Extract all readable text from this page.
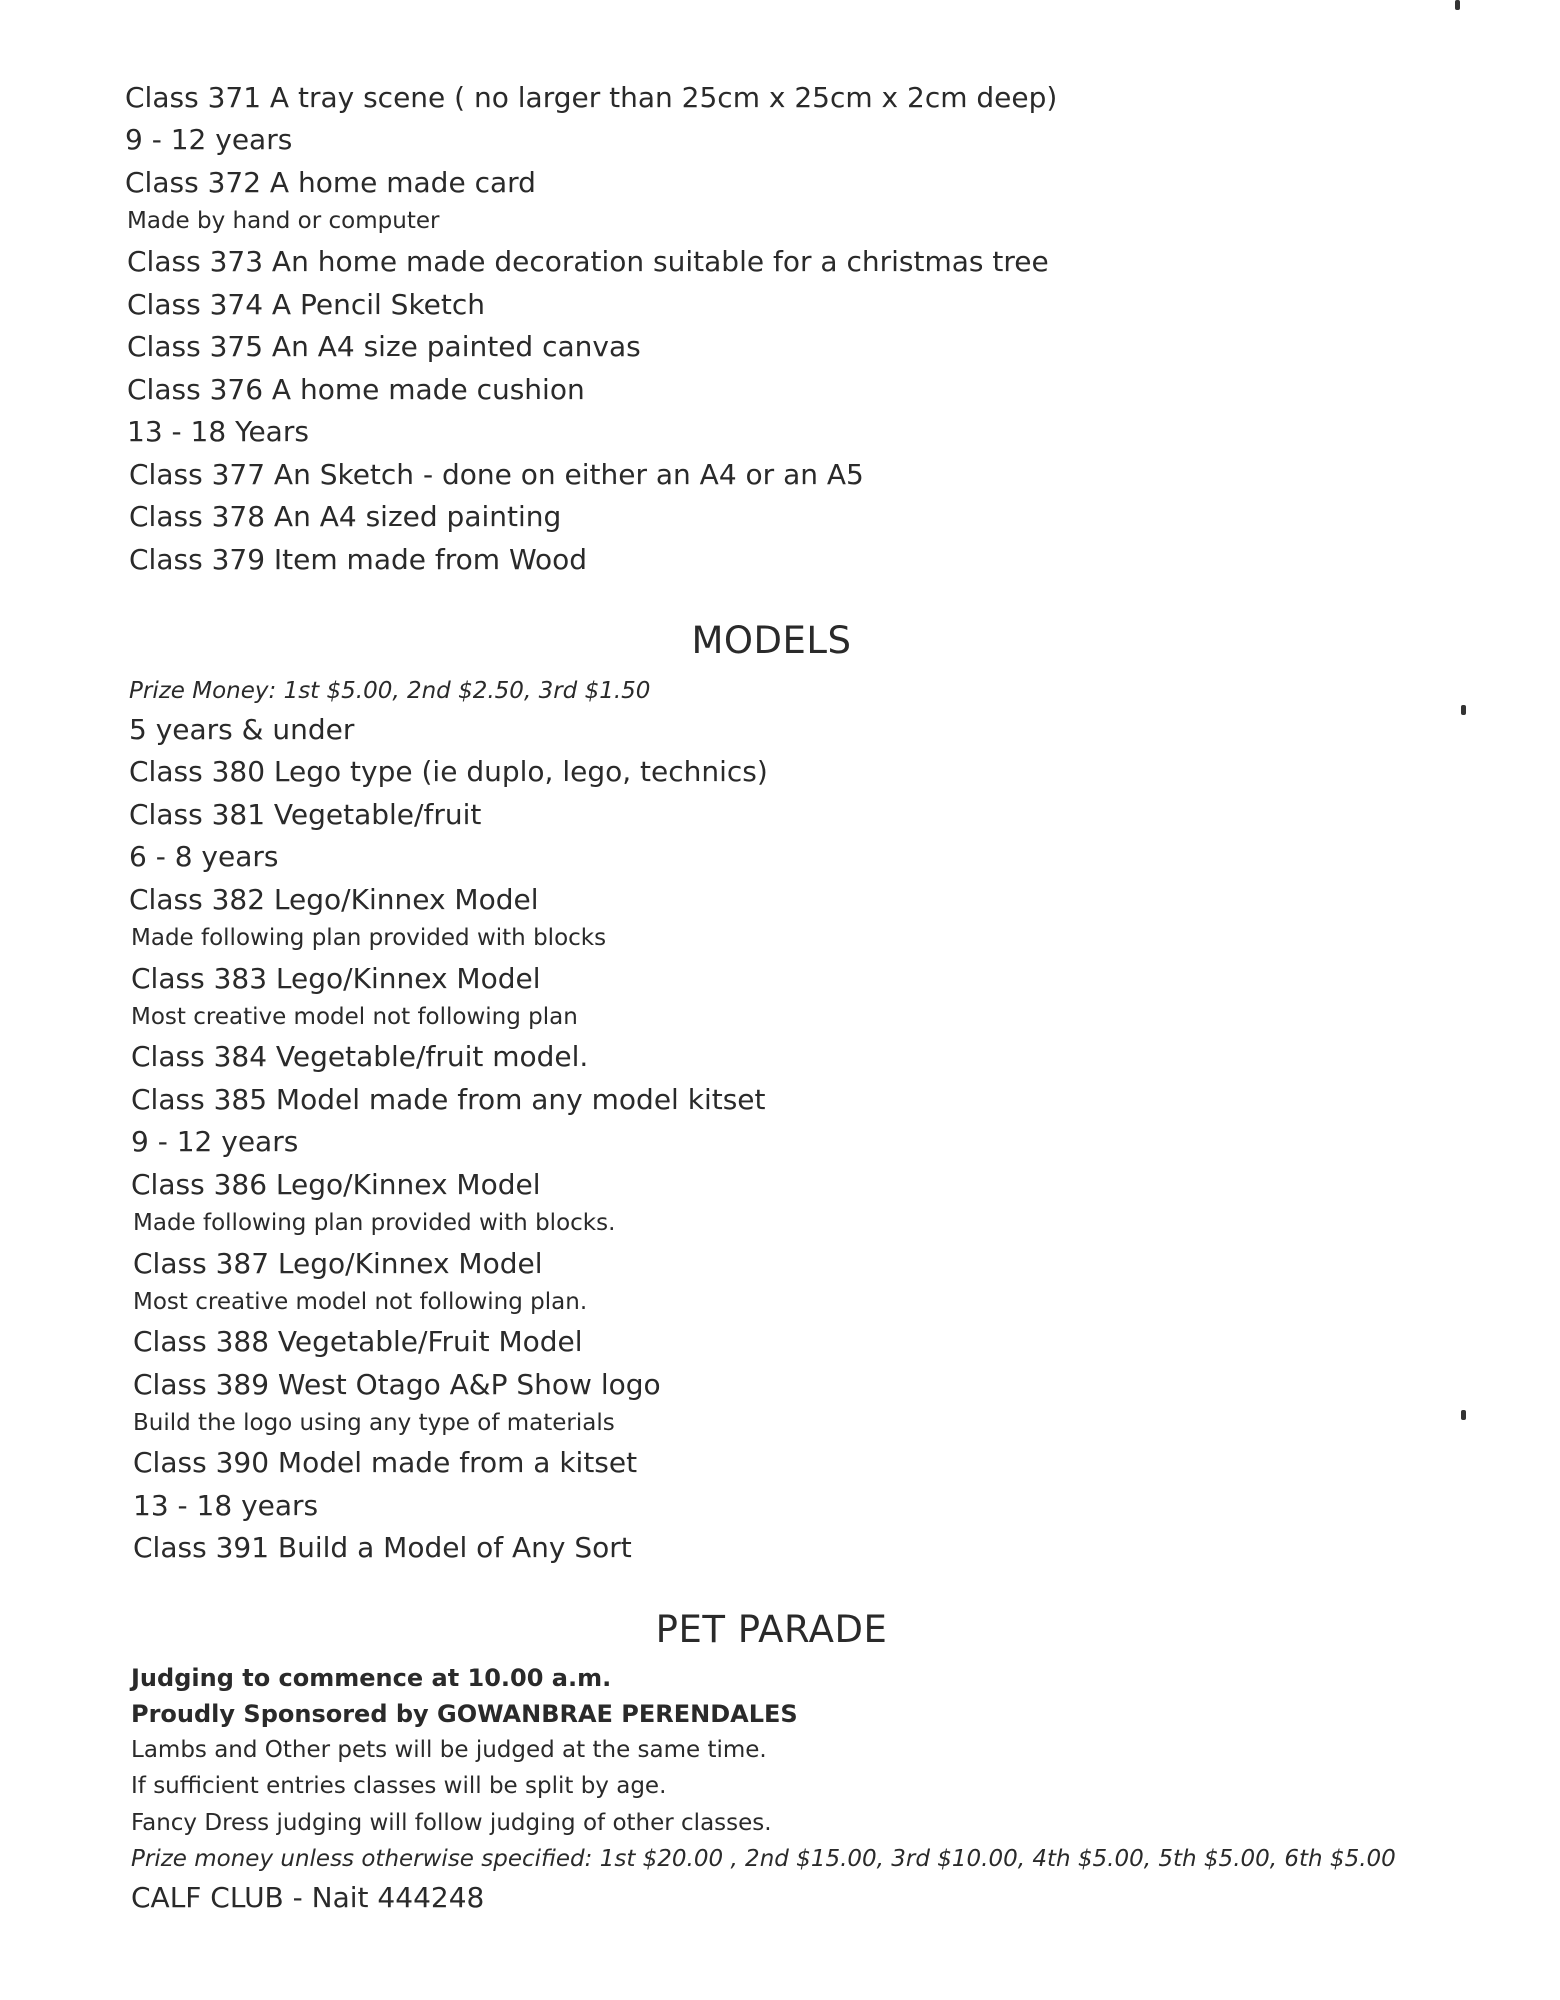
Class 371 A tray scene ( no larger than 25cm x 25cm x 2cm deep)
9 - 12 years
Class 372 A home made card
Made by hand or computer
Class 373 An home made decoration suitable for a christmas tree
Class 374 A Pencil Sketch
Class 375 An A4 size painted canvas
Class 376 A home made cushion
13 - 18 Years
Class 377 An Sketch - done on either an A4 or an A5
Class 378 An A4 sized painting
Class 379 Item made from Wood
MODELS
Prize Money: 1st $5.00, 2nd $2.50, 3rd $1.50
5 years & under
Class 380 Lego type (ie duplo, lego, technics)
Class 381 Vegetable/fruit
6 - 8 years
Class 382 Lego/Kinnex Model
Made following plan provided with blocks
Class 383 Lego/Kinnex Model
Most creative model not following plan
Class 384 Vegetable/fruit model.
Class 385 Model made from any model kitset
9 - 12 years
Class 386 Lego/Kinnex Model
Made following plan provided with blocks.
Class 387 Lego/Kinnex Model
Most creative model not following plan.
Class 388 Vegetable/Fruit Model
Class 389 West Otago A&P Show logo
Build the logo using any type of materials
Class 390 Model made from a kitset
13 - 18 years
Class 391 Build a Model of Any Sort
PET PARADE
Judging to commence at 10.00 a.m.
Proudly Sponsored by GOWANBRAE PERENDALES
Lambs and Other pets will be judged at the same time.
If sufficient entries classes will be split by age.
Fancy Dress judging will follow judging of other classes.
Prize money unless otherwise specified: 1st $20.00 , 2nd $15.00, 3rd $10.00, 4th $5.00, 5th $5.00, 6th $5.00
CALF CLUB - Nait 444248
